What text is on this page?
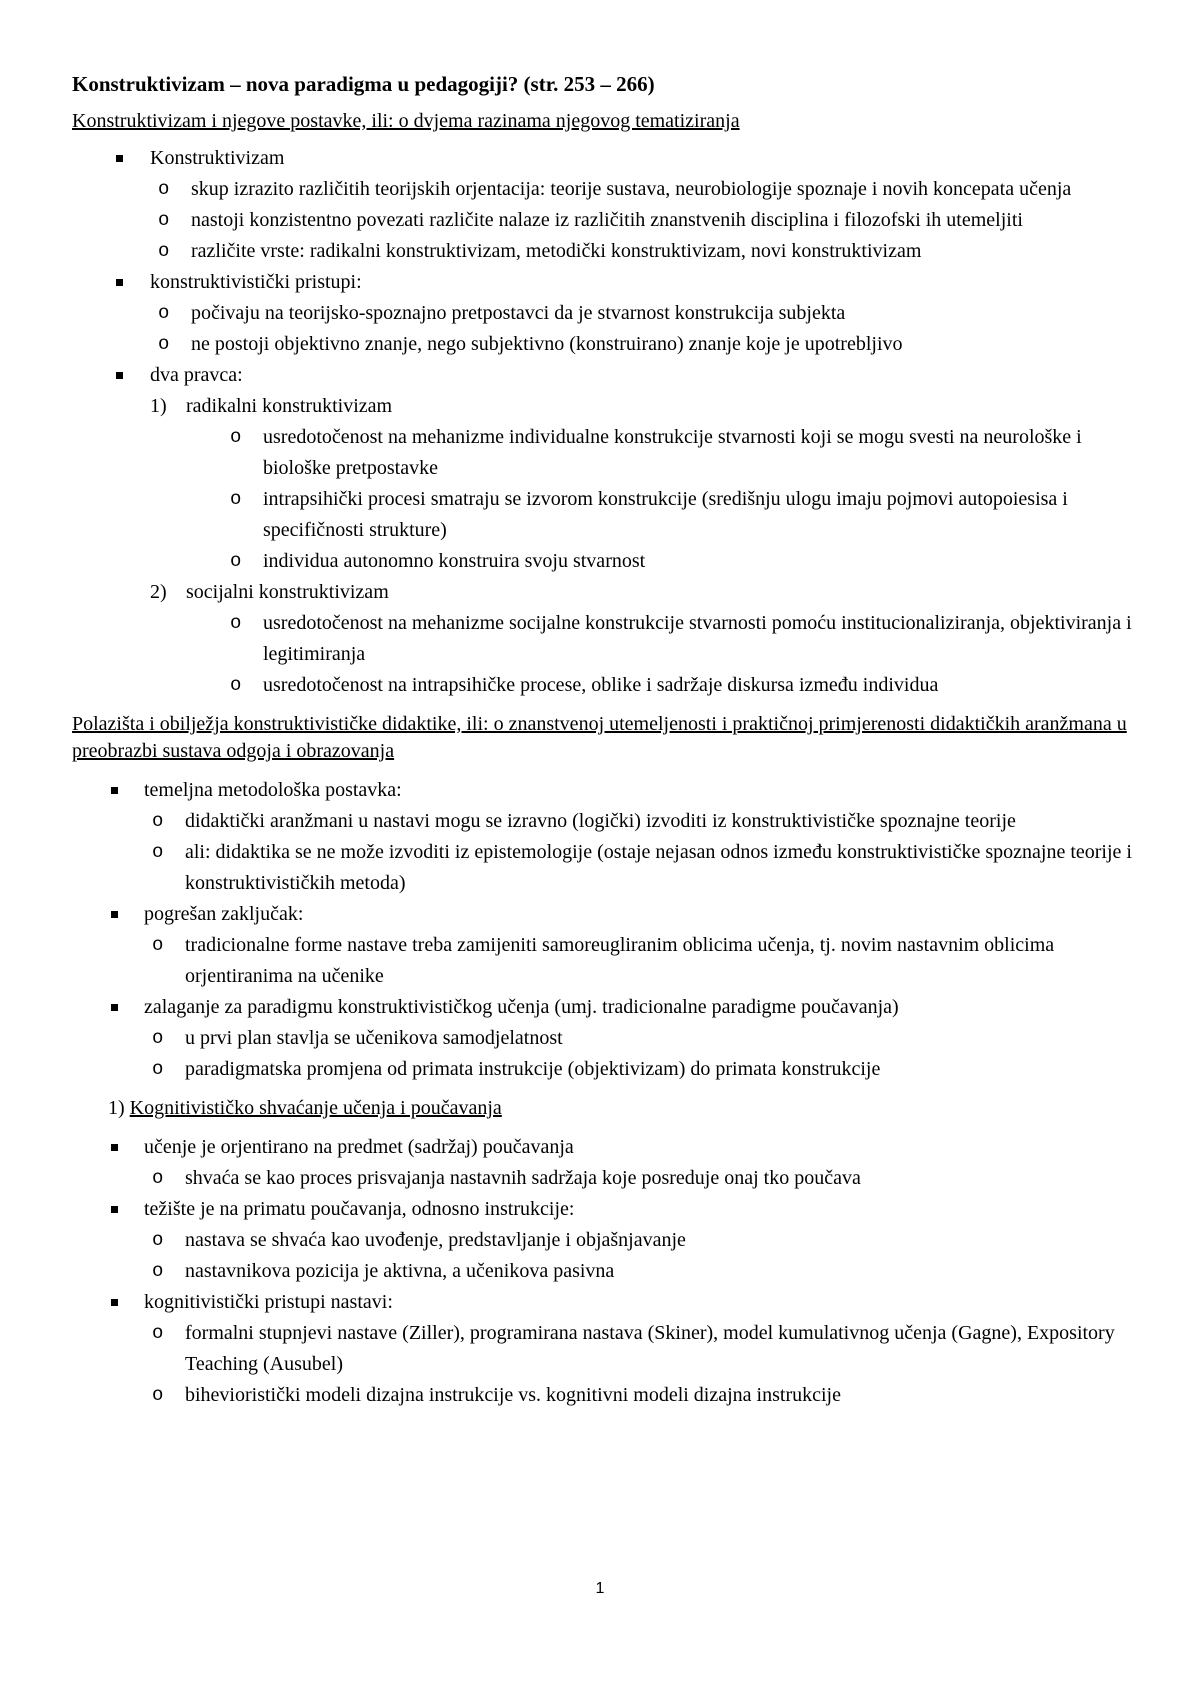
Konstruktivizam – nova paradigma u pedagogiji? (str. 253 – 266)
Konstruktivizam i njegove postavke, ili: o dvjema razinama njegovog tematiziranja
Konstruktivizam
o skup izrazito različitih teorijskih orjentacija: teorije sustava, neurobiologije spoznaje i novih koncepata učenja
o nastoji konzistentno povezati različite nalaze iz različitih znanstvenih disciplina i filozofski ih utemeljiti
o različite vrste: radikalni konstruktivizam, metodički konstruktivizam, novi konstruktivizam
konstruktivistički pristupi:
o počivaju na teorijsko-spoznajno pretpostavci da je stvarnost konstrukcija subjekta
o ne postoji objektivno znanje, nego subjektivno (konstruirano) znanje koje je upotrebljivo
dva pravca:
1) radikalni konstruktivizam
o usredotočenost na mehanizme individualne konstrukcije stvarnosti koji se mogu svesti na neurološke i biološke pretpostavke
o intrapsihički procesi smatraju se izvorom konstrukcije (središnju ulogu imaju pojmovi autopoiesisa i specifičnosti strukture)
o individua autonomno konstruira svoju stvarnost
2) socijalni konstruktivizam
o usredotočenost na mehanizme socijalne konstrukcije stvarnosti pomoću institucionaliziranja, objektiviranja i legitimiranja
o usredotočenost na intrapsihičke procese, oblike i sadržaje diskursa između individua
Polazišta i obilježja konstruktivističke didaktike, ili: o znanstvenoj utemeljenosti i praktičnoj primjerenosti didaktičkih aranžmana u preobrazbi sustava odgoja i obrazovanja
temeljna metodološka postavka:
o didaktički aranžmani u nastavi mogu se izravno (logički) izvoditi iz konstruktivističke spoznajne teorije
o ali: didaktika se ne može izvoditi iz epistemologije (ostaje nejasan odnos između konstruktivističke spoznajne teorije i konstruktivističkih metoda)
pogrešan zaključak:
o tradicionalne forme nastave treba zamijeniti samoreugliranim oblicima učenja, tj. novim nastavnim oblicima orjentiranima na učenike
zalaganje za paradigmu konstruktivističkog učenja (umj. tradicionalne paradigme poučavanja)
o u prvi plan stavlja se učenikova samodjelatnost
o paradigmatska promjena od primata instrukcije (objektivizam) do primata konstrukcije
1) Kognitivističko shvaćanje učenja i poučavanja
učenje je orjentirano na predmet (sadržaj) poučavanja
o shvaća se kao proces prisvajanja nastavnih sadržaja koje posreduje onaj tko poučava
težište je na primatu poučavanja, odnosno instrukcije:
o nastava se shvaća kao uvođenje, predstavljanje i objašnjavanje
o nastavnikova pozicija je aktivna, a učenikova pasivna
kognitivistički pristupi nastavi:
o formalni stupnjevi nastave (Ziller), programirana nastava (Skiner), model kumulativnog učenja (Gagne), Expository Teaching (Ausubel)
o bihevioristički modeli dizajna instrukcije vs. kognitivni modeli dizajna instrukcije
1
